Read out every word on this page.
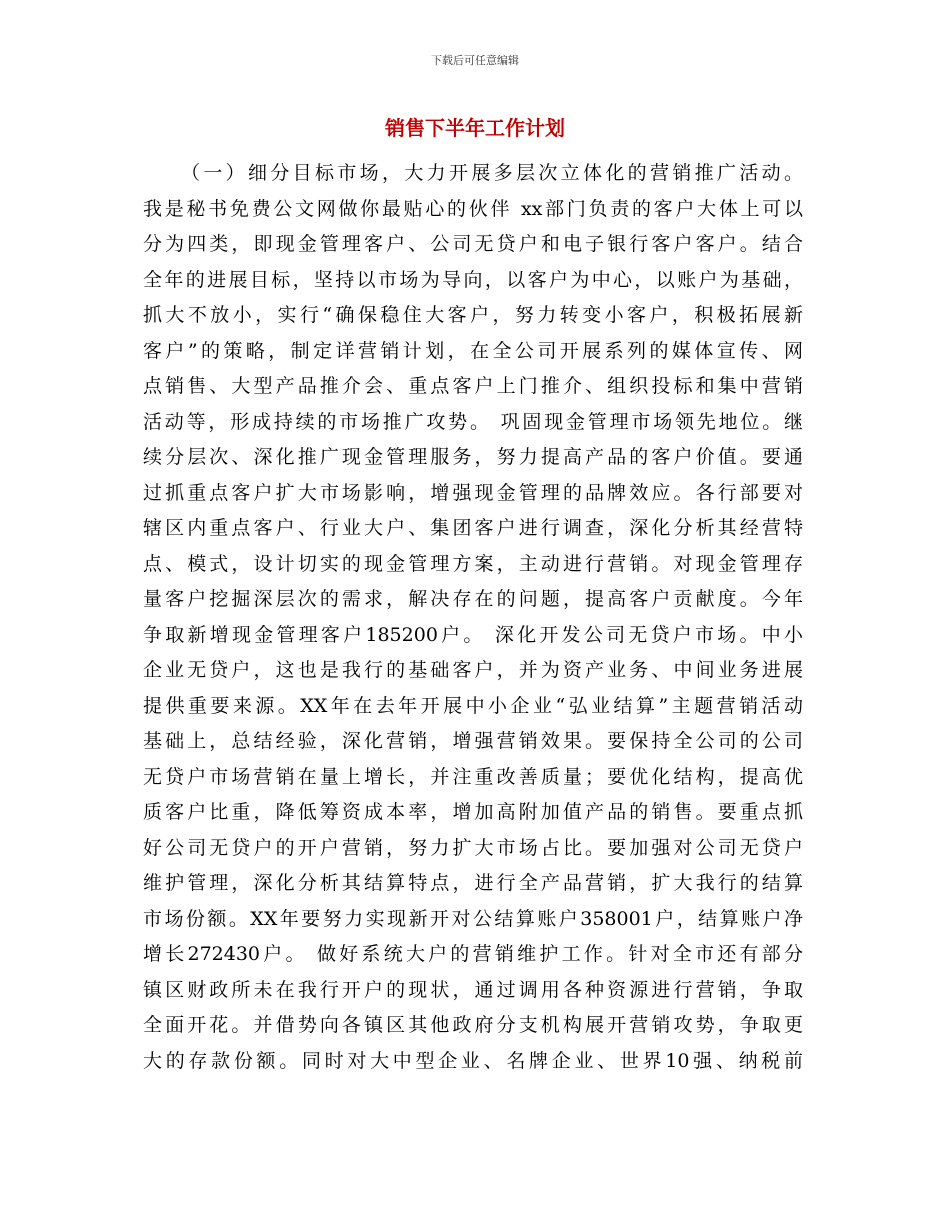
下载后可任意编辑
销售下半年工作计划
（一）细分目标市场，大力开展多层次立体化的营销推广活动。
我是秘书免费公文网做你最贴心的伙伴 xx部门负责的客户大体上可以
分为四类，即现金管理客户、公司无贷户和电子银行客户客户。结合
全年的进展目标，坚持以市场为导向，以客户为中心，以账户为基础，
抓大不放小，实行“确保稳住大客户，努力转变小客户，积极拓展新
客户”的策略，制定详营销计划，在全公司开展系列的媒体宣传、网
点销售、大型产品推介会、重点客户上门推介、组织投标和集中营销
活动等，形成持续的市场推广攻势。 巩固现金管理市场领先地位。继
续分层次、深化推广现金管理服务，努力提高产品的客户价值。要通
过抓重点客户扩大市场影响，增强现金管理的品牌效应。各行部要对
辖区内重点客户、行业大户、集团客户进行调查，深化分析其经营特
点、模式，设计切实的现金管理方案，主动进行营销。对现金管理存
量客户挖掘深层次的需求，解决存在的问题，提高客户贡献度。今年
争取新增现金管理客户185200户。 深化开发公司无贷户市场。中小
企业无贷户，这也是我行的基础客户，并为资产业务、中间业务进展
提供重要来源。XX年在去年开展中小企业“弘业结算”主题营销活动
基础上，总结经验，深化营销，增强营销效果。要保持全公司的公司
无贷户市场营销在量上增长，并注重改善质量；要优化结构，提高优
质客户比重，降低筹资成本率，增加高附加值产品的销售。要重点抓
好公司无贷户的开户营销，努力扩大市场占比。要加强对公司无贷户
维护管理，深化分析其结算特点，进行全产品营销，扩大我行的结算
市场份额。XX年要努力实现新开对公结算账户358001户，结算账户净
增长272430户。 做好系统大户的营销维护工作。针对全市还有部分
镇区财政所未在我行开户的现状，通过调用各种资源进行营销，争取
全面开花。并借势向各镇区其他政府分支机构展开营销攻势，争取更
大的存款份额。同时对大中型企业、名牌企业、世界10强、纳税前
